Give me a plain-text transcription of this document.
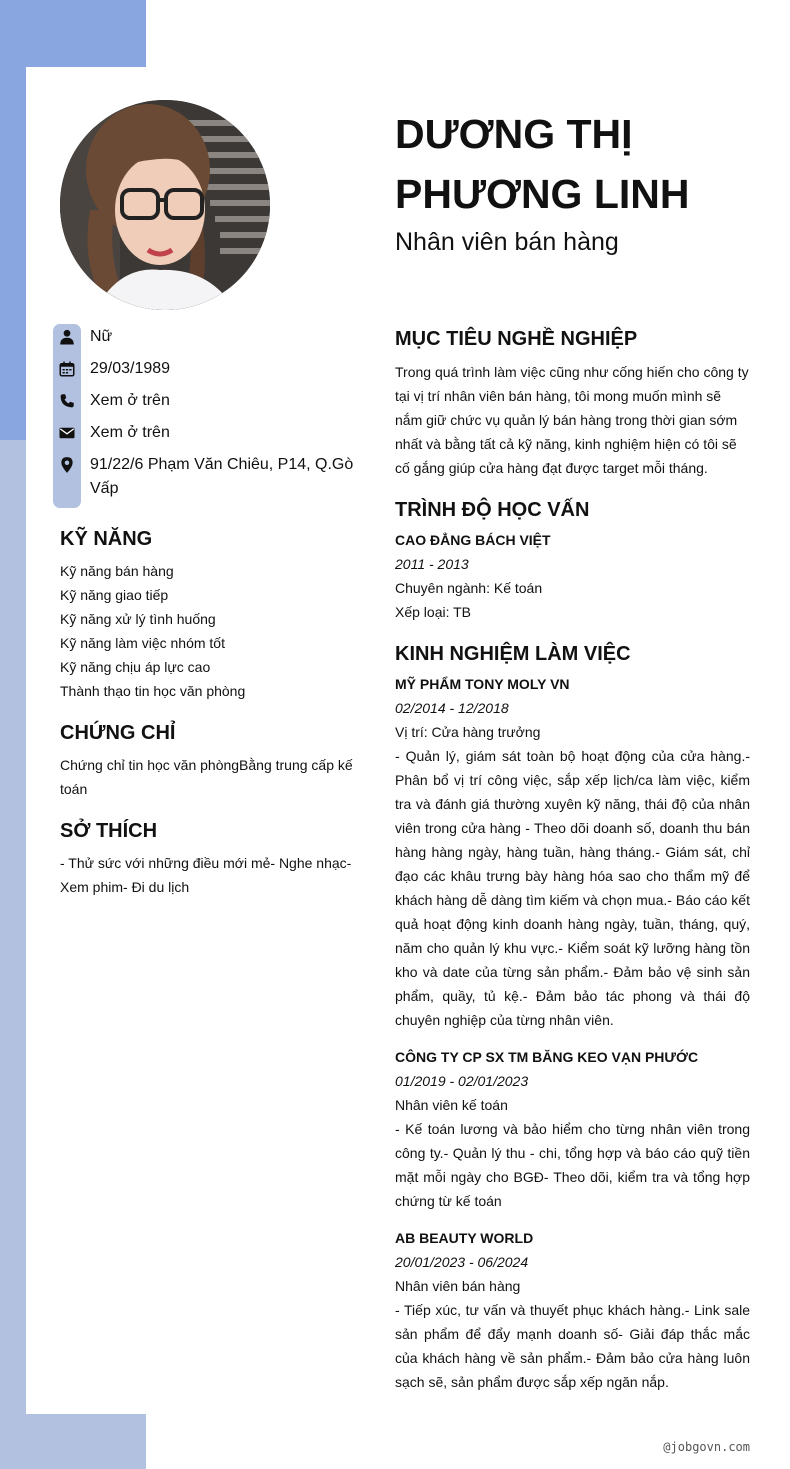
DƯƠNG THỊ
PHƯƠNG LINH
Nhân viên bán hàng
Nữ
29/03/1989
Xem ở trên
Xem ở trên
91/22/6 Phạm Văn Chiêu, P14, Q.Gò Vấp
KỸ NĂNG
Kỹ năng bán hàng
Kỹ năng giao tiếp
Kỹ năng xử lý tình huống
Kỹ năng làm việc nhóm tốt
Kỹ năng chịu áp lực cao
Thành thạo tin học văn phòng
CHỨNG CHỈ
Chứng chỉ tin học văn phòngBằng trung cấp kế toán
SỞ THÍCH
- Thử sức với những điều mới mẻ- Nghe nhạc- Xem phim- Đi du lịch
MỤC TIÊU NGHỀ NGHIỆP
Trong quá trình làm việc cũng như cống hiến cho công ty tại vị trí nhân viên bán hàng, tôi mong muốn mình sẽ nắm giữ chức vụ quản lý bán hàng trong thời gian sớm nhất và bằng tất cả kỹ năng, kinh nghiệm hiện có tôi sẽ cố gắng giúp cửa hàng đạt được target mỗi tháng.
TRÌNH ĐỘ HỌC VẤN
CAO ĐẲNG BÁCH VIỆT
2011 - 2013
Chuyên ngành: Kế toán
Xếp loại: TB
KINH NGHIỆM LÀM VIỆC
MỸ PHẨM TONY MOLY VN
02/2014 - 12/2018
Vị trí: Cửa hàng trưởng
- Quản lý, giám sát toàn bộ hoạt động của cửa hàng.- Phân bổ vị trí công việc, sắp xếp lịch/ca làm việc, kiểm tra và đánh giá thường xuyên kỹ năng, thái độ của nhân viên trong cửa hàng - Theo dõi doanh số, doanh thu bán hàng hàng ngày, hàng tuần, hàng tháng.- Giám sát, chỉ đạo các khâu trưng bày hàng hóa sao cho thẩm mỹ để khách hàng dễ dàng tìm kiếm và chọn mua.- Báo cáo kết quả hoạt động kinh doanh hàng ngày, tuần, tháng, quý, năm cho quản lý khu vực.- Kiểm soát kỹ lưỡng hàng tồn kho và date của từng sản phẩm.- Đảm bảo vệ sinh sản phẩm, quầy, tủ kệ.- Đảm bảo tác phong và thái độ chuyên nghiệp của từng nhân viên.
CÔNG TY CP SX TM BĂNG KEO VẠN PHƯỚC
01/2019 - 02/01/2023
Nhân viên kế toán
- Kế toán lương và bảo hiểm cho từng nhân viên trong công ty.- Quản lý thu - chi, tổng hợp và báo cáo quỹ tiền mặt mỗi ngày cho BGĐ- Theo dõi, kiểm tra và tổng hợp chứng từ kế toán
AB BEAUTY WORLD
20/01/2023 - 06/2024
Nhân viên bán hàng
- Tiếp xúc, tư vấn và thuyết phục khách hàng.- Link sale sản phẩm để đẩy mạnh doanh số- Giải đáp thắc mắc của khách hàng về sản phẩm.- Đảm bảo cửa hàng luôn sạch sẽ, sản phẩm được sắp xếp ngăn nắp.
@jobgovn.com
